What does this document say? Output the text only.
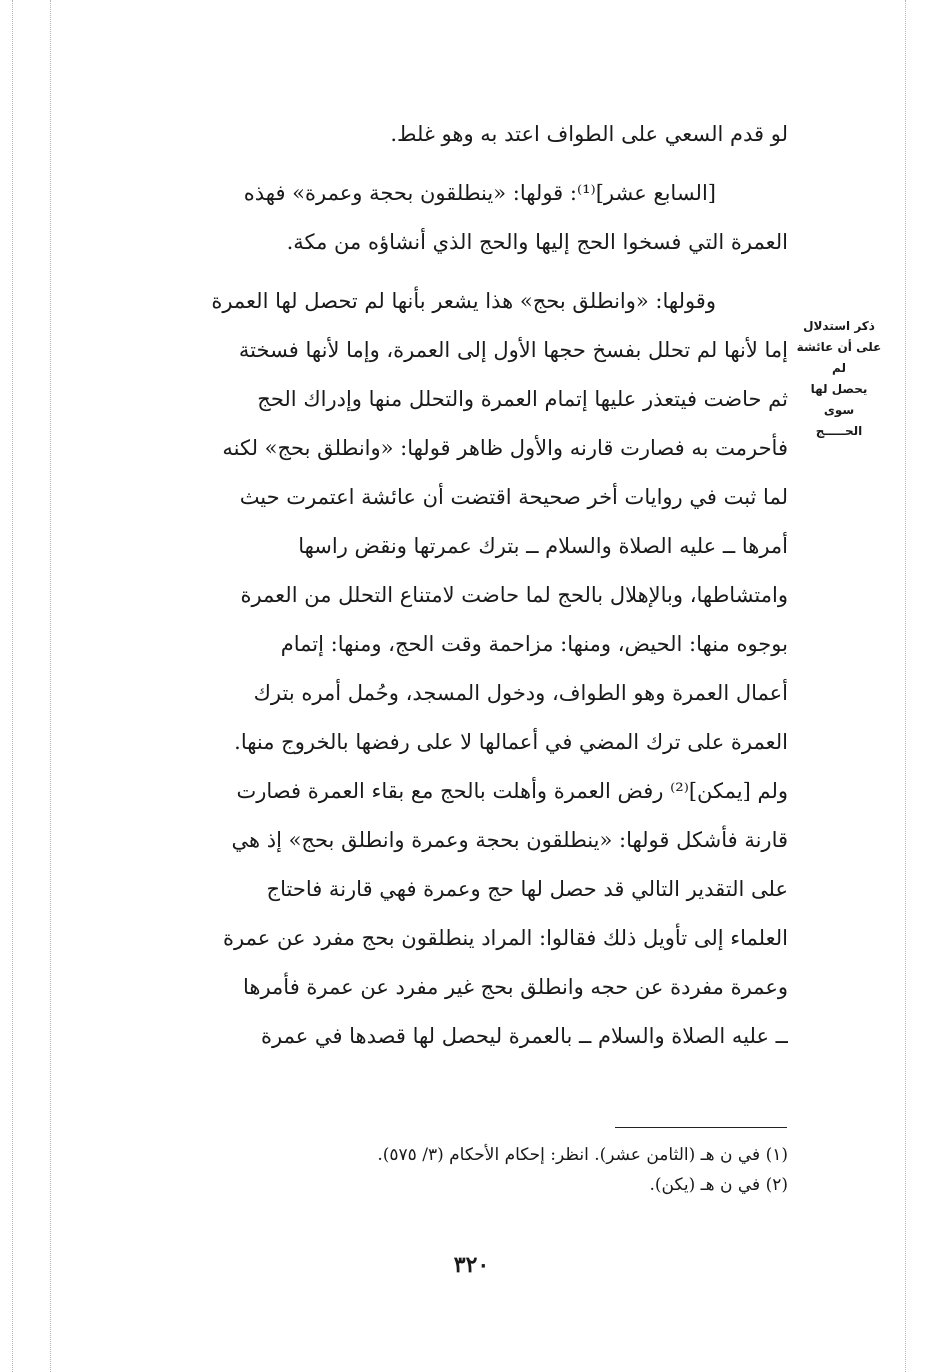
لو قدم السعي على الطواف اعتد به وهو غلط.
[السابع عشر]⁽¹⁾: قولها: «ينطلقون بحجة وعمرة» فهذه
العمرة التي فسخوا الحج إليها والحج الذي أنشاؤه من مكة.
وقولها: «وانطلق بحج» هذا يشعر بأنها لم تحصل لها العمرة
إما لأنها لم تحلل بفسخ حجها الأول إلى العمرة، وإما لأنها فسختة
ثم حاضت فيتعذر عليها إتمام العمرة والتحلل منها وإدراك الحج
فأحرمت به فصارت قارنه والأول ظاهر قولها: «وانطلق بحج» لكنه
لما ثبت في روايات أخر صحيحة اقتضت أن عائشة اعتمرت حيث
أمرها ــ عليه الصلاة والسلام ــ بترك عمرتها ونقض راسها
وامتشاطها، وبالإهلال بالحج لما حاضت لامتناع التحلل من العمرة
بوجوه منها: الحيض، ومنها: مزاحمة وقت الحج، ومنها: إتمام
أعمال العمرة وهو الطواف، ودخول المسجد، وحُمل أمره بترك
العمرة على ترك المضي في أعمالها لا على رفضها بالخروج منها.
ولم [يمكن]⁽²⁾ رفض العمرة وأهلت بالحج مع بقاء العمرة فصارت
قارنة فأشكل قولها: «ينطلقون بحجة وعمرة وانطلق بحج» إذ هي
على التقدير التالي قد حصل لها حج وعمرة فهي قارنة فاحتاج
العلماء إلى تأويل ذلك فقالوا: المراد ينطلقون بحج مفرد عن عمرة
وعمرة مفردة عن حجه وانطلق بحج غير مفرد عن عمرة فأمرها
ــ عليه الصلاة والسلام ــ بالعمرة ليحصل لها قصدها في عمرة
ذكر استدلال
على أن عائشة لم
يحصل لها سوى
الحـــــج
(١) في ن هـ (الثامن عشر). انظر: إحكام الأحكام (٣/ ٥٧٥).
(٢) في ن هـ (يكن).
٣٢٠
